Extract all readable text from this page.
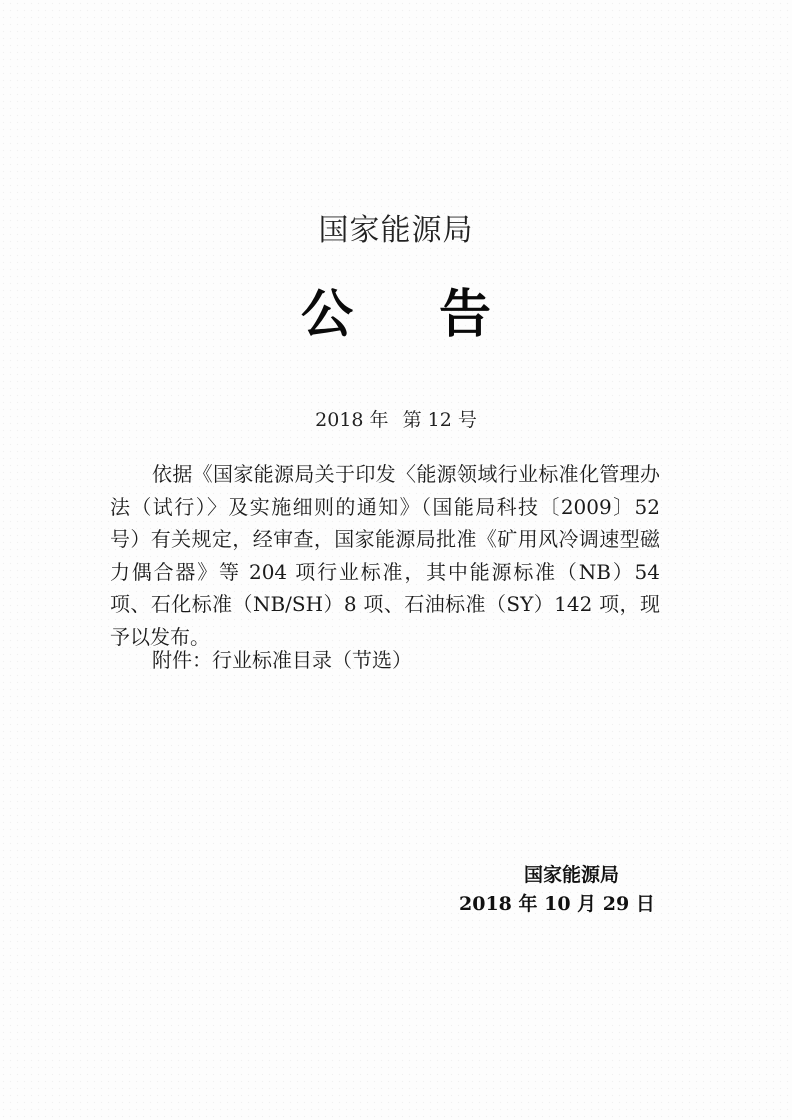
国家能源局
公 告
2018 年 第 12 号

依据《国家能源局关于印发〈能源领域行业标准化管理办法（试行）〉及实施细则的通知》（国能局科技〔2009〕52 号）有关规定，经审查，国家能源局批准《矿用风冷调速型磁力偶合器》等 204 项行业标准，其中能源标准（NB）54 项、石化标准（NB/SH）8 项、石油标准（SY）142 项，现予以发布。

附件：行业标准目录（节选）
国家能源局
2018 年 10 月 29 日
